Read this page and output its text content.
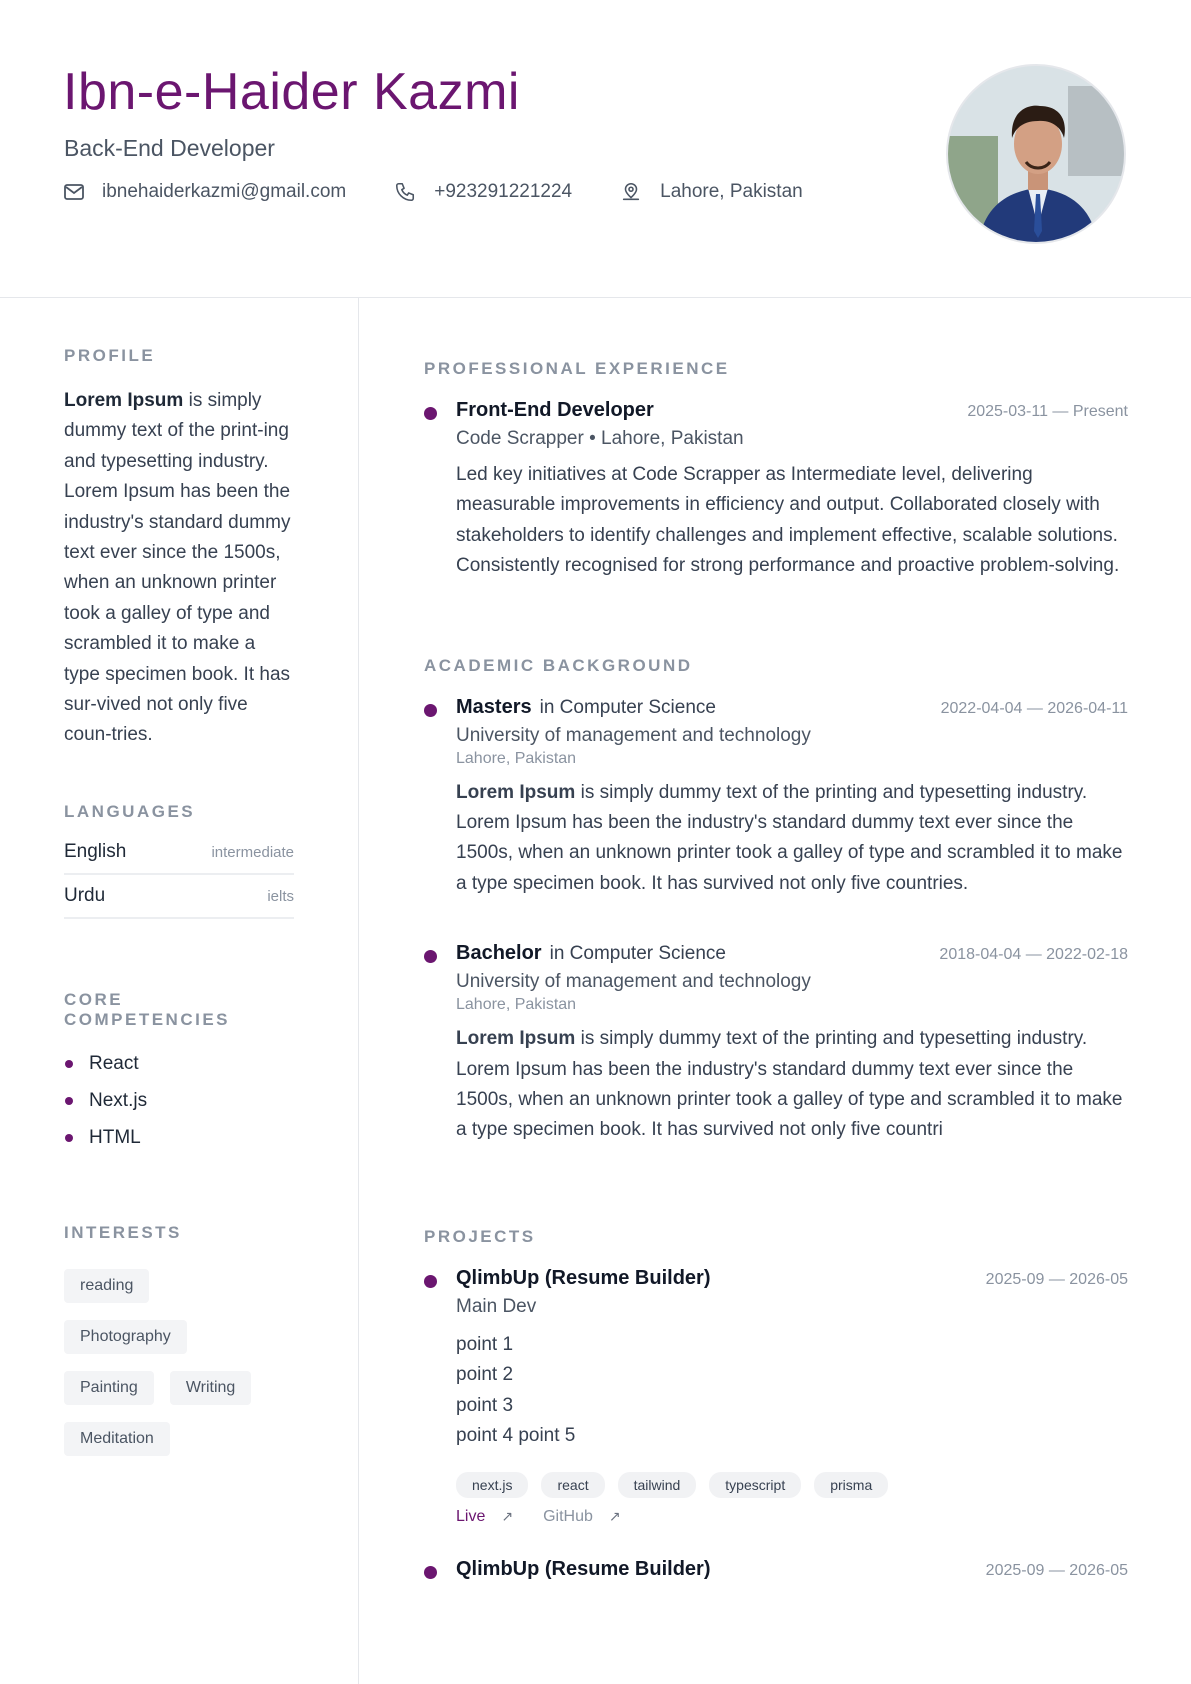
Ibn-e-Haider Kazmi
Back-End Developer
ibnehaiderkazmi@gmail.com	+923291221224	Lahore, Pakistan
PROFILE
Lorem Ipsum is simply dummy text of the print-ing and typesetting industry. Lorem Ipsum has been the industry's standard dummy text ever since the 1500s, when an unknown printer took a galley of type and scrambled it to make a type specimen book. It has sur-vived not only five coun-tries.
LANGUAGES
English	intermediate
Urdu	ielts
CORE COMPETENCIES
React
Next.js
HTML
INTERESTS
reading
Photography
Painting	Writing
Meditation
PROFESSIONAL EXPERIENCE
Front-End Developer	2025-03-11 — Present
Code Scrapper • Lahore, Pakistan
Led key initiatives at Code Scrapper as Intermediate level, delivering measurable improvements in efficiency and output. Collaborated closely with stakeholders to identify challenges and implement effective, scalable solutions. Consistently recognised for strong performance and proactive problem-solving.
ACADEMIC BACKGROUND
Masters in Computer Science	2022-04-04 — 2026-04-11
University of management and technology
Lahore, Pakistan
Lorem Ipsum is simply dummy text of the printing and typesetting industry. Lorem Ipsum has been the industry's standard dummy text ever since the 1500s, when an unknown printer took a galley of type and scrambled it to make a type specimen book. It has survived not only five countries.
Bachelor in Computer Science	2018-04-04 — 2022-02-18
University of management and technology
Lahore, Pakistan
Lorem Ipsum is simply dummy text of the printing and typesetting industry. Lorem Ipsum has been the industry's standard dummy text ever since the 1500s, when an unknown printer took a galley of type and scrambled it to make a type specimen book. It has survived not only five countri
PROJECTS
QlimbUp (Resume Builder)	2025-09 — 2026-05
Main Dev
point 1
point 2
point 3
point 4 point 5
next.js	react	tailwind	typescript	prisma
Live ↗ GitHub ↗
QlimbUp (Resume Builder)	2025-09 — 2026-05
